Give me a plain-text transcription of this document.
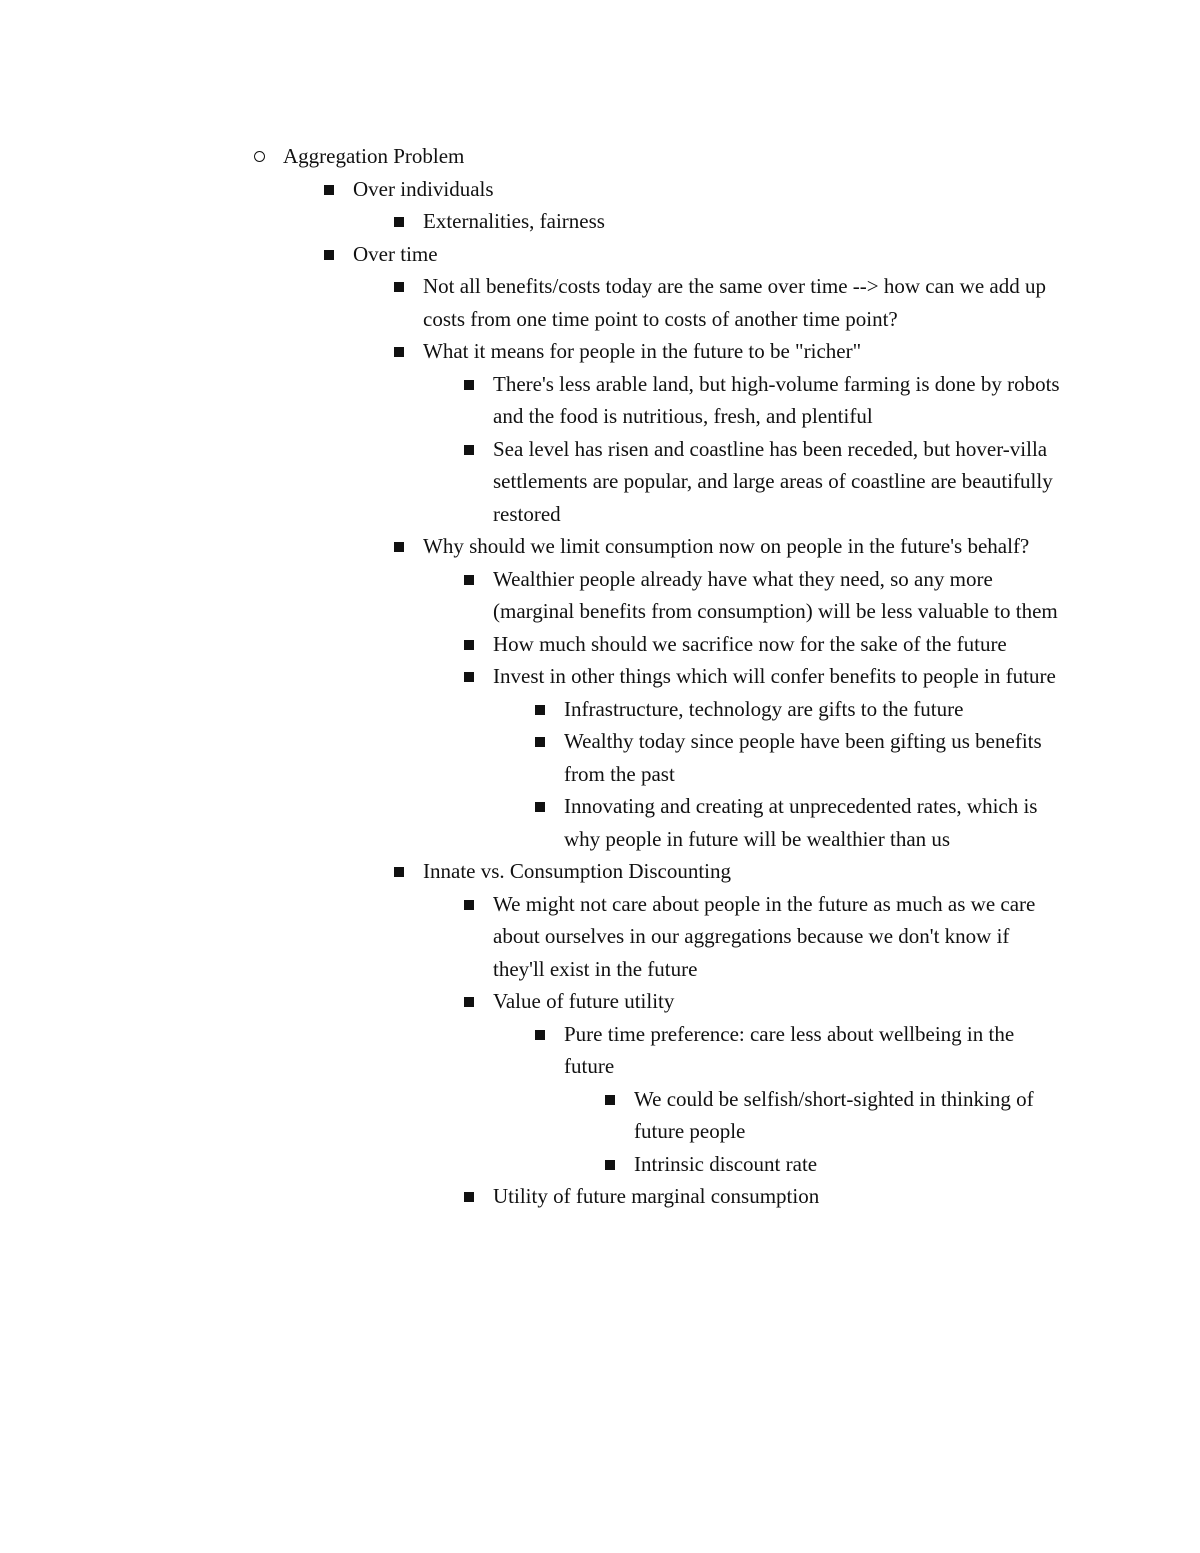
Aggregation Problem
Over individuals
Externalities, fairness
Over time
Not all benefits/costs today are the same over time --> how can we add up costs from one time point to costs of another time point?
What it means for people in the future to be "richer"
There's less arable land, but high-volume farming is done by robots and the food is nutritious, fresh, and plentiful
Sea level has risen and coastline has been receded, but hover-villa settlements are popular, and large areas of coastline are beautifully restored
Why should we limit consumption now on people in the future's behalf?
Wealthier people already have what they need, so any more (marginal benefits from consumption) will be less valuable to them
How much should we sacrifice now for the sake of the future
Invest in other things which will confer benefits to people in future
Infrastructure, technology are gifts to the future
Wealthy today since people have been gifting us benefits from the past
Innovating and creating at unprecedented rates, which is why people in future will be wealthier than us
Innate vs. Consumption Discounting
We might not care about people in the future as much as we care about ourselves in our aggregations because we don't know if they'll exist in the future
Value of future utility
Pure time preference: care less about wellbeing in the future
We could be selfish/short-sighted in thinking of future people
Intrinsic discount rate
Utility of future marginal consumption
